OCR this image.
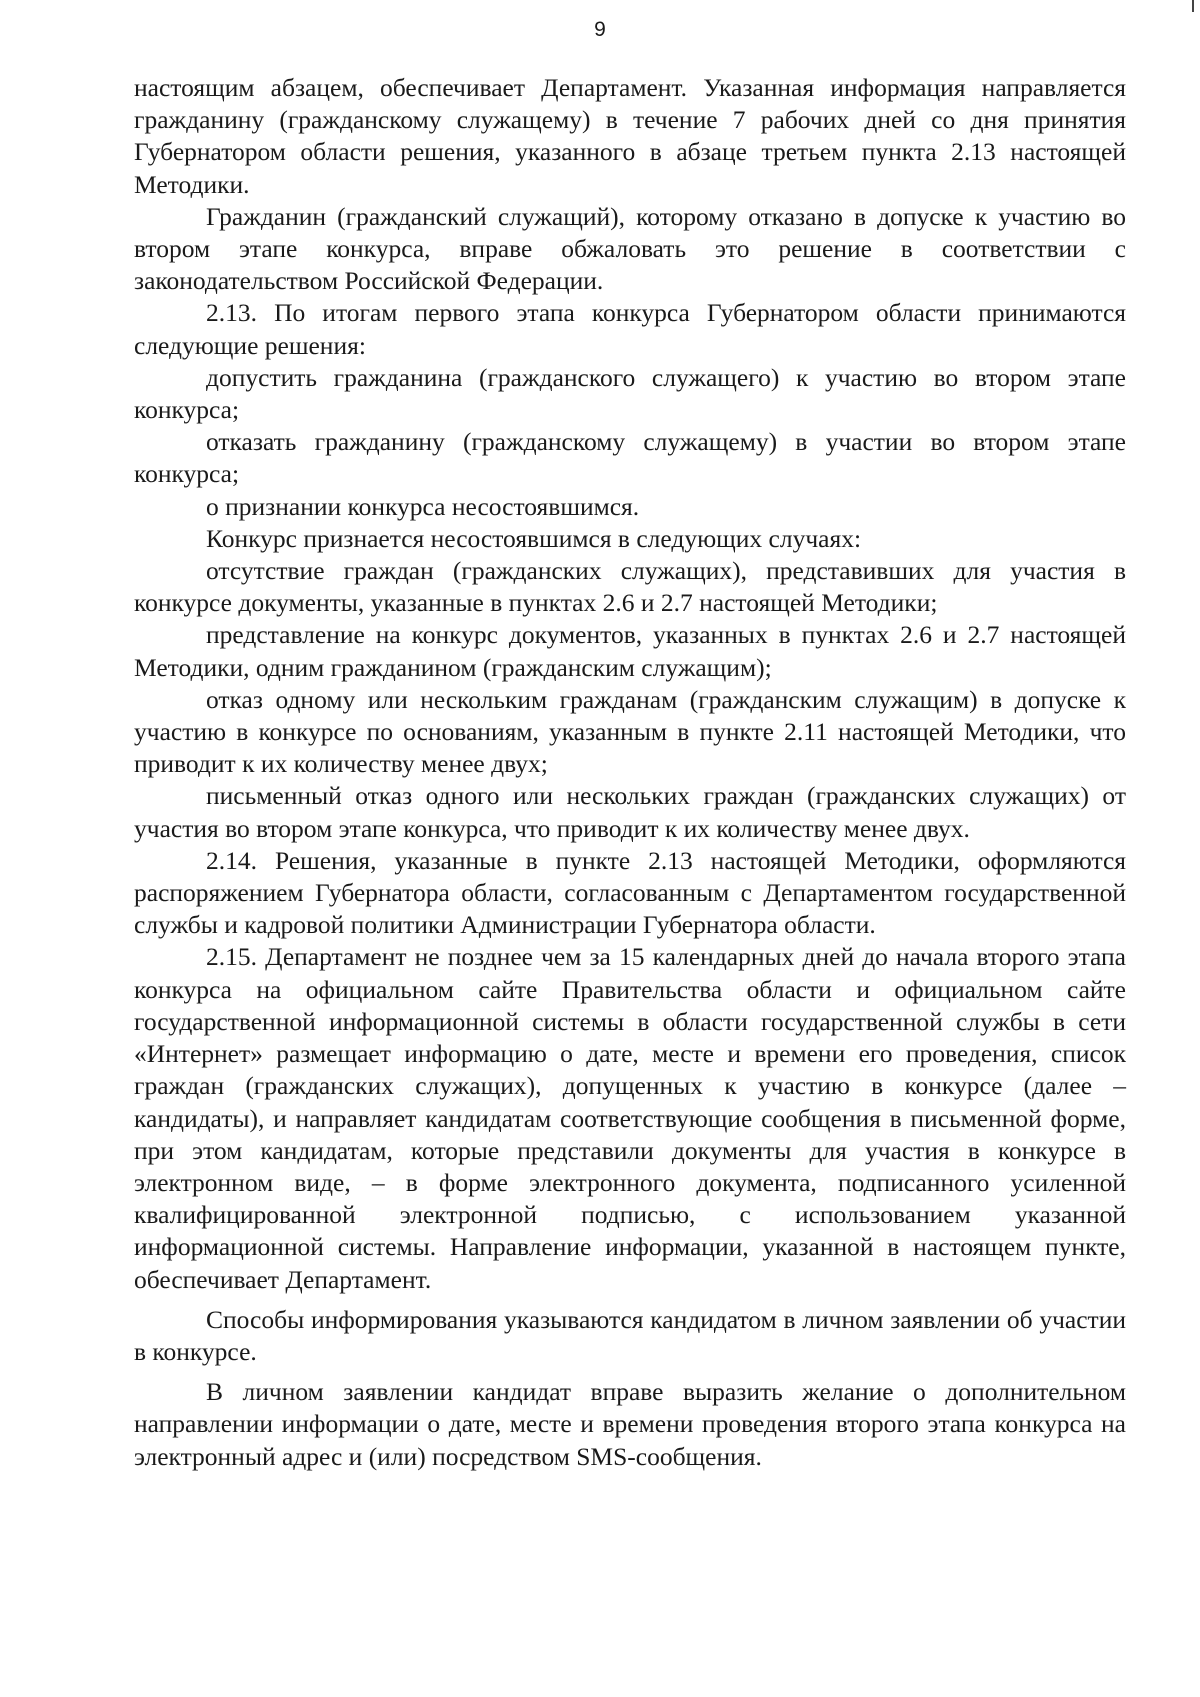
9

настоящим абзацем, обеспечивает Департамент. Указанная информация направляется гражданину (гражданскому служащему) в течение 7 рабочих дней со дня принятия Губернатором области решения, указанного в абзаце третьем пункта 2.13 настоящей Методики.

Гражданин (гражданский служащий), которому отказано в допуске к участию во втором этапе конкурса, вправе обжаловать это решение в соответствии с законодательством Российской Федерации.

2.13. По итогам первого этапа конкурса Губернатором области принимаются следующие решения:

допустить гражданина (гражданского служащего) к участию во втором этапе конкурса;

отказать гражданину (гражданскому служащему) в участии во втором этапе конкурса;

о признании конкурса несостоявшимся.

Конкурс признается несостоявшимся в следующих случаях:

отсутствие граждан (гражданских служащих), представивших для участия в конкурсе документы, указанные в пунктах 2.6 и 2.7 настоящей Методики;

представление на конкурс документов, указанных в пунктах 2.6 и 2.7 настоящей Методики, одним гражданином (гражданским служащим);

отказ одному или нескольким гражданам (гражданским служащим) в допуске к участию в конкурсе по основаниям, указанным в пункте 2.11 настоящей Методики, что приводит к их количеству менее двух;

письменный отказ одного или нескольких граждан (гражданских служащих) от участия во втором этапе конкурса, что приводит к их количеству менее двух.

2.14. Решения, указанные в пункте 2.13 настоящей Методики, оформляются распоряжением Губернатора области, согласованным с Департаментом государственной службы и кадровой политики Администрации Губернатора области.

2.15. Департамент не позднее чем за 15 календарных дней до начала второго этапа конкурса на официальном сайте Правительства области и официальном сайте государственной информационной системы в области государственной службы в сети «Интернет» размещает информацию о дате, месте и времени его проведения, список граждан (гражданских служащих), допущенных к участию в конкурсе (далее – кандидаты), и направляет кандидатам соответствующие сообщения в письменной форме, при этом кандидатам, которые представили документы для участия в конкурсе в электронном виде, – в форме электронного документа, подписанного усиленной квалифицированной электронной подписью, с использованием указанной информационной системы. Направление информации, указанной в настоящем пункте, обеспечивает Департамент.

Способы информирования указываются кандидатом в личном заявлении об участии в конкурсе.

В личном заявлении кандидат вправе выразить желание о дополнительном направлении информации о дате, месте и времени проведения второго этапа конкурса на электронный адрес и (или) посредством SMS-сообщения.
